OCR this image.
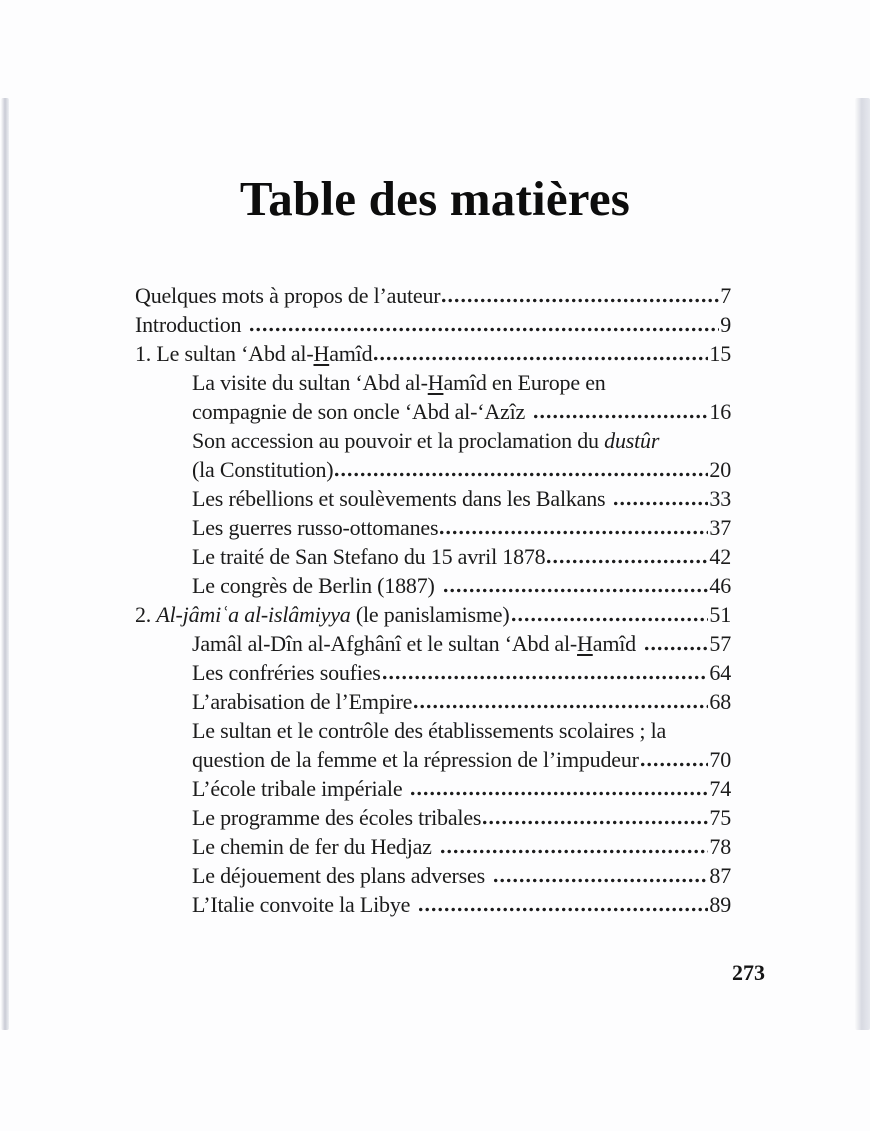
Table des matières
Quelques mots à propos de l’auteur	7
Introduction	9
1. Le sultan ‘Abd al-Hamîd	15
La visite du sultan ‘Abd al-Hamîd en Europe en
compagnie de son oncle ‘Abd al-‘Azîz	16
Son accession au pouvoir et la proclamation du dustûr
(la Constitution)	20
Les rébellions et soulèvements dans les Balkans	33
Les guerres russo-ottomanes	37
Le traité de San Stefano du 15 avril 1878	42
Le congrès de Berlin (1887)	46
2. Al-jâmiʿa al-islâmiyya (le panislamisme)	51
Jamâl al-Dîn al-Afghânî et le sultan ‘Abd al-Hamîd	57
Les confréries soufies	64
L’arabisation de l’Empire	68
Le sultan et le contrôle des établissements scolaires ; la
question de la femme et la répression de l’impudeur	70
L’école tribale impériale	74
Le programme des écoles tribales	75
Le chemin de fer du Hedjaz	78
Le déjouement des plans adverses	87
L’Italie convoite la Libye	89
273
